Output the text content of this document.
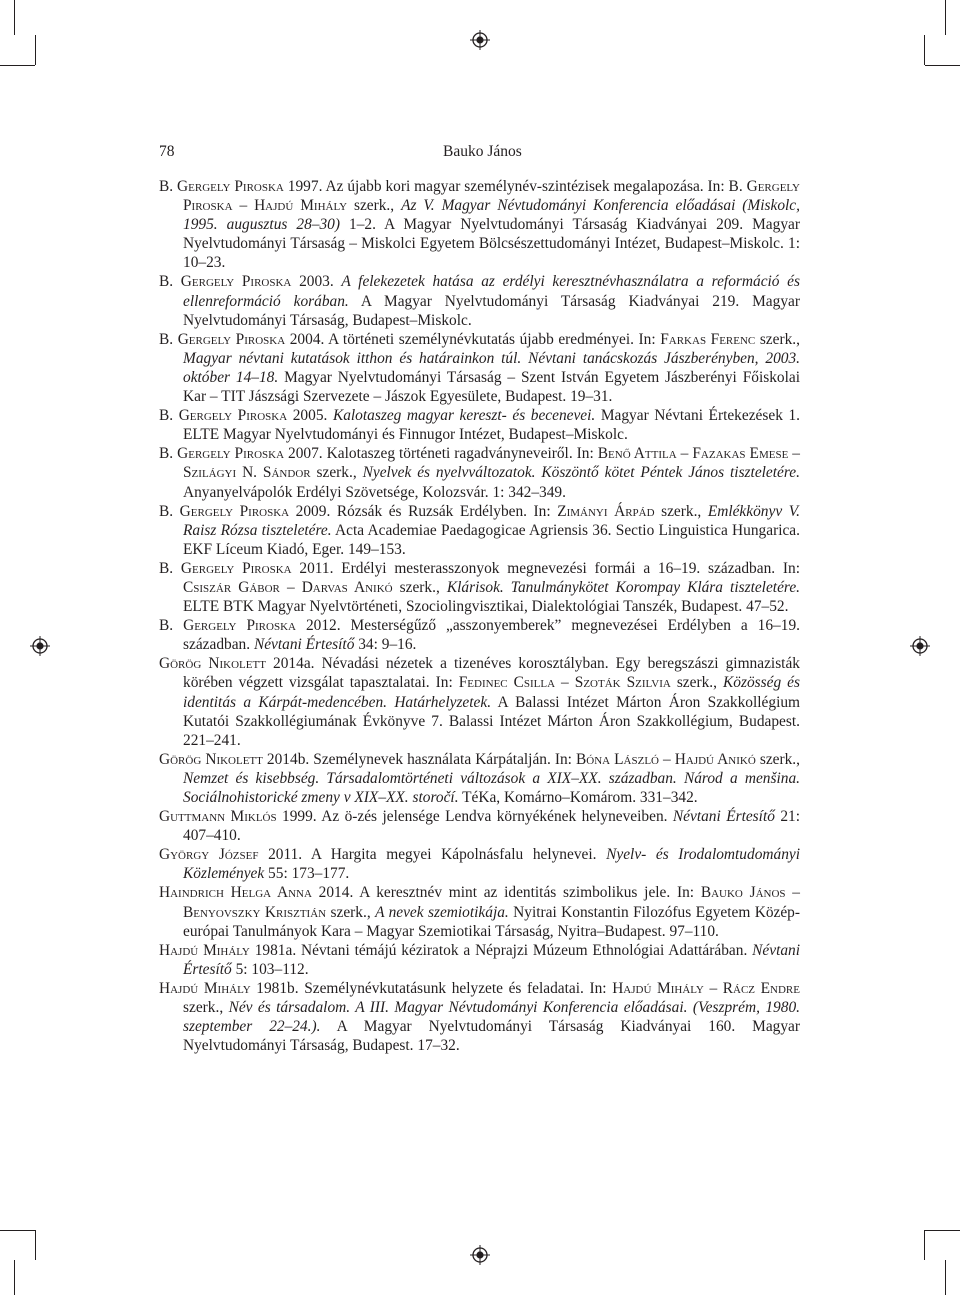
78	Bauko János
B. Gergely Piroska 1997. Az újabb kori magyar személynév-szintézisek megalapozása. In: B. Gergely Piroska – Hajdú Mihály szerk., Az V. Magyar Névtudományi Konferencia előadásai (Miskolc, 1995. augusztus 28–30) 1–2. A Magyar Nyelvtudományi Társaság Kiadványai 209. Magyar Nyelvtudományi Társaság – Miskolci Egyetem Bölcsészettudományi Intézet, Budapest–Miskolc. 1: 10–23.
B. Gergely Piroska 2003. A felekezetek hatása az erdélyi keresztnévhasználatra a reformáció és ellenreformáció korában. A Magyar Nyelvtudományi Társaság Kiadványai 219. Magyar Nyelvtudományi Társaság, Budapest–Miskolc.
B. Gergely Piroska 2004. A történeti személynévkutatás újabb eredményei. In: Farkas Ferenc szerk., Magyar névtani kutatások itthon és határainkon túl. Névtani tanácskozás Jászberényben, 2003. október 14–18. Magyar Nyelvtudományi Társaság – Szent István Egyetem Jászberényi Főiskolai Kar – TIT Jászsági Szervezete – Jászok Egyesülete, Budapest. 19–31.
B. Gergely Piroska 2005. Kalotaszeg magyar kereszt- és becenevei. Magyar Névtani Értekezések 1. ELTE Magyar Nyelvtudományi és Finnugor Intézet, Budapest–Miskolc.
B. Gergely Piroska 2007. Kalotaszeg történeti ragadványneveiről. In: Benő Attila – Fazakas Emese – Szilágyi N. Sándor szerk., Nyelvek és nyelvváltozatok. Köszöntő kötet Péntek János tiszteletére. Anyanyelvápolók Erdélyi Szövetsége, Kolozsvár. 1: 342–349.
B. Gergely Piroska 2009. Rózsák és Ruzsák Erdélyben. In: Zimányi Árpád szerk., Emlékkönyv V. Raisz Rózsa tiszteletére. Acta Academiae Paedagogicae Agriensis 36. Sectio Linguistica Hungarica. EKF Líceum Kiadó, Eger. 149–153.
B. Gergely Piroska 2011. Erdélyi mesterasszonyok megnevezési formái a 16–19. században. In: Csiszár Gábor – Darvas Anikó szerk., Klárisok. Tanulmánykötet Korompay Klára tiszteletére. ELTE BTK Magyar Nyelvtörténeti, Szociolingvisztikai, Dialektológiai Tanszék, Budapest. 47–52.
B. Gergely Piroska 2012. Mesterségűző „asszonyemberek” megnevezései Erdélyben a 16–19. században. Névtani Értesítő 34: 9–16.
Görög Nikolett 2014a. Névadási nézetek a tizenéves korosztályban. Egy beregszászi gimnazisták körében végzett vizsgálat tapasztalatai. In: Fedinec Csilla – Szoták Szilvia szerk., Közösség és identitás a Kárpát-medencében. Határhelyzetek. A Balassi Intézet Márton Áron Szakkollégium Kutatói Szakkollégiumának Évkönyve 7. Balassi Intézet Márton Áron Szakkollégium, Budapest. 221–241.
Görög Nikolett 2014b. Személynevek használata Kárpátalján. In: Bóna László – Hajdú Anikó szerk., Nemzet és kisebbség. Társadalomtörténeti változások a XIX–XX. században. Národ a menšina. Sociálnohistorické zmeny v XIX–XX. storočí. TéKa, Komárno–Komárom. 331–342.
Guttmann Miklós 1999. Az ö-zés jelensége Lendva környékének helyneveiben. Névtani Értesítő 21: 407–410.
György József 2011. A Hargita megyei Kápolnásfalu helynevei. Nyelv- és Irodalomtudományi Közlemények 55: 173–177.
Haindrich Helga Anna 2014. A keresztnév mint az identitás szimbolikus jele. In: Bauko János – Benyovszky Krisztián szerk., A nevek szemiotikája. Nyitrai Konstantin Filozófus Egyetem Közép-európai Tanulmányok Kara – Magyar Szemiotikai Társaság, Nyitra–Budapest. 97–110.
Hajdú Mihály 1981a. Névtani témájú kéziratok a Néprajzi Múzeum Ethnológiai Adattárában. Névtani Értesítő 5: 103–112.
Hajdú Mihály 1981b. Személynévkutatásunk helyzete és feladatai. In: Hajdú Mihály – Rácz Endre szerk., Név és társadalom. A III. Magyar Névtudományi Konferencia előadásai. (Veszprém, 1980. szeptember 22–24.). A Magyar Nyelvtudományi Társaság Kiadványai 160. Magyar Nyelvtudományi Társaság, Budapest. 17–32.
